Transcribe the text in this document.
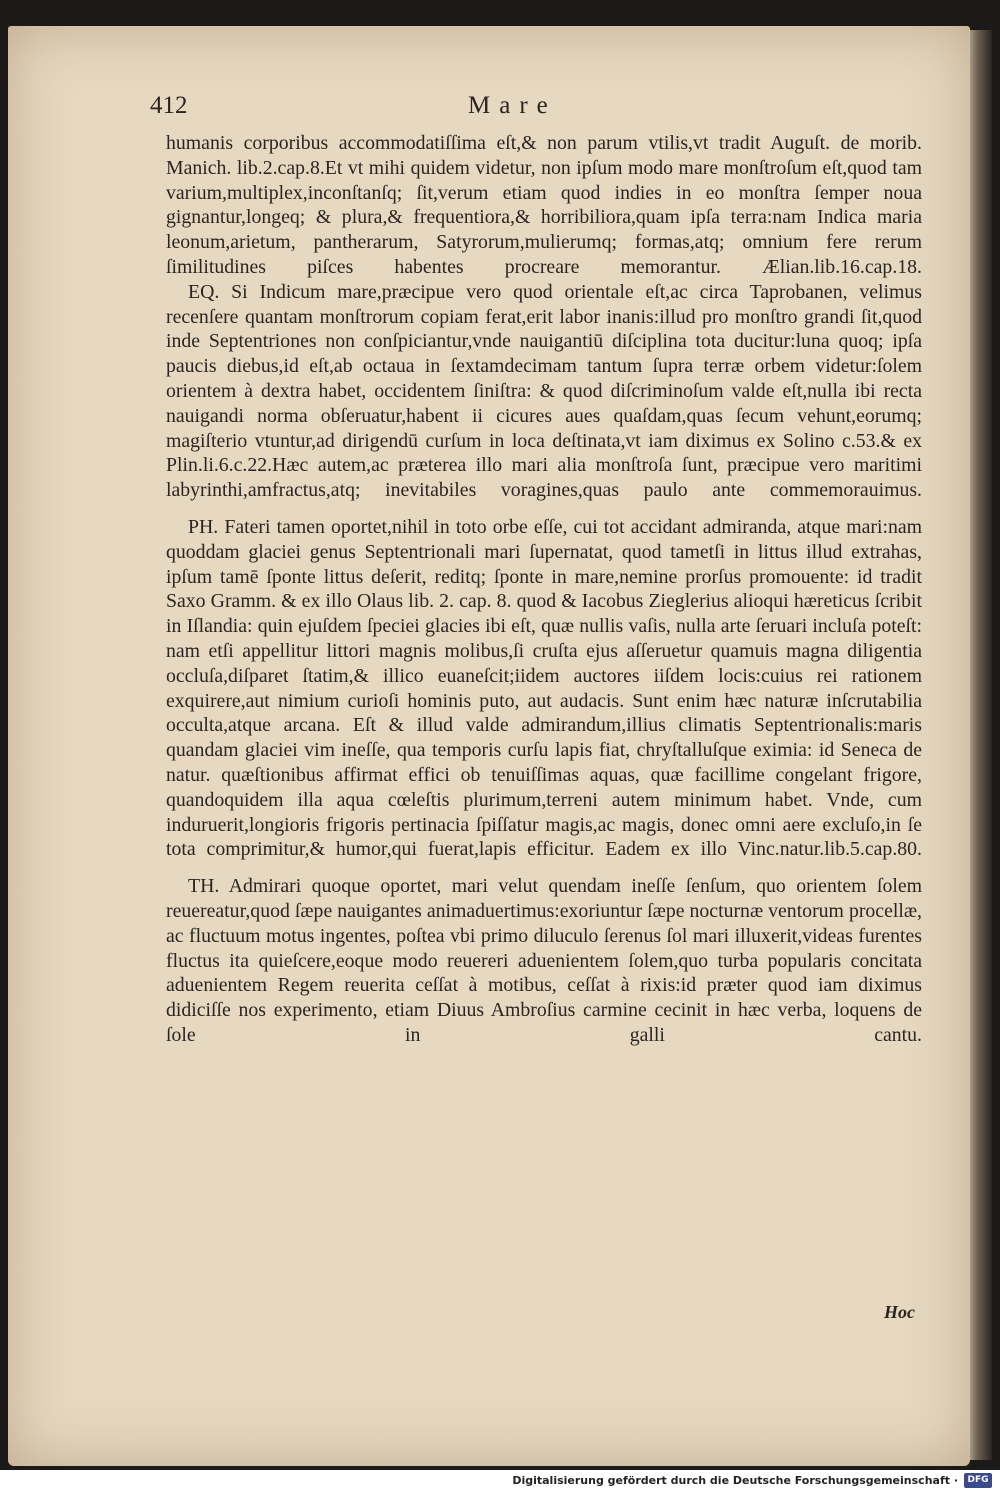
412	Mare

humanis corporibus accommodatiſſima eſt,& non parum vtilis,vt tradit Auguſt. de morib. Manich. lib.2.cap.8.Et vt mihi quidem videtur, non ipſum modo mare monſtroſum eſt,quod tam varium,multiplex,inconſtanſq; ſit,verum etiam quod indies in eo monſtra ſemper noua gignantur,longeq; & plura,& frequentiora,& horribiliora,quam ipſa terra:nam Indica maria leonum,arietum, pantherarum, Satyrorum,mulierumq; formas,atq; omnium fere rerum ſimilitudines piſces habentes procreare memorantur. Ælian.lib.16.cap.18.

EQ. Si Indicum mare,præcipue vero quod orientale eſt,ac circa Taprobanen, velimus recenſere quantam monſtrorum copiam ferat,erit labor inanis:illud pro monſtro grandi ſit,quod inde Septentriones non conſpiciantur,vnde nauigantiū diſciplina tota ducitur:luna quoq; ipſa paucis diebus,id eſt,ab octaua in ſextamdecimam tantum ſupra terræ orbem videtur:ſolem orientem à dextra habet, occidentem ſiniſtra: & quod diſcriminoſum valde eſt,nulla ibi recta nauigandi norma obſeruatur,habent ii cicures aues quaſdam,quas ſecum vehunt,eorumq; magiſterio vtuntur,ad dirigendū curſum in loca deſtinata,vt iam diximus ex Solino c.53.& ex Plin.li.6.c.22.Hæc autem,ac præterea illo mari alia monſtroſa ſunt, præcipue vero maritimi labyrinthi,amfractus,atq; inevitabiles voragines,quas paulo ante commemorauimus.

PH. Fateri tamen oportet,nihil in toto orbe eſſe, cui tot accidant admiranda, atque mari:nam quoddam glaciei genus Septentrionali mari ſupernatat, quod tametſi in littus illud extrahas, ipſum tamē ſponte littus deſerit, reditq; ſponte in mare,nemine prorſus promouente: id tradit Saxo Gramm. & ex illo Olaus lib. 2. cap. 8. quod & Iacobus Zieglerius alioqui hæreticus ſcribit in Iſlandia: quin ejuſdem ſpeciei glacies ibi eſt, quæ nullis vaſis, nulla arte ſeruari incluſa poteſt: nam etſi appellitur littori magnis molibus,ſi cruſta ejus aſſeruetur quamuis magna diligentia occluſa,diſparet ſtatim,& illico euaneſcit;iidem auctores iiſdem locis:cuius rei rationem exquirere,aut nimium curioſi hominis puto, aut audacis. Sunt enim hæc naturæ inſcrutabilia occulta,atque arcana. Eſt & illud valde admirandum,illius climatis Septentrionalis:maris quandam glaciei vim ineſſe, qua temporis curſu lapis fiat, chryſtalluſque eximia: id Seneca de natur. quæſtionibus affirmat effici ob tenuiſſimas aquas, quæ facillime congelant frigore, quandoquidem illa aqua cœleſtis plurimum,terreni autem minimum habet. Vnde, cum induruerit,longioris frigoris pertinacia ſpiſſatur magis,ac magis, donec omni aere excluſo,in ſe tota comprimitur,& humor,qui fuerat,lapis efficitur. Eadem ex illo Vinc.natur.lib.5.cap.80.

TH. Admirari quoque oportet, mari velut quendam ineſſe ſenſum, quo orientem ſolem reuereatur,quod ſæpe nauigantes animaduertimus:exoriuntur ſæpe nocturnæ ventorum procellæ, ac fluctuum motus ingentes, poſtea vbi primo diluculo ſerenus ſol mari illuxerit,videas furentes fluctus ita quieſcere,eoque modo reuereri aduenientem ſolem,quo turba popularis concitata aduenientem Regem reuerita ceſſat à motibus, ceſſat à rixis:id præter quod iam diximus didiciſſe nos experimento, etiam Diuus Ambroſius carmine cecinit in hæc verba, loquens de ſole in galli cantu.

Hoc
Digitalisierung gefördert durch die Deutsche Forschungsgemeinschaft ·	DFG
